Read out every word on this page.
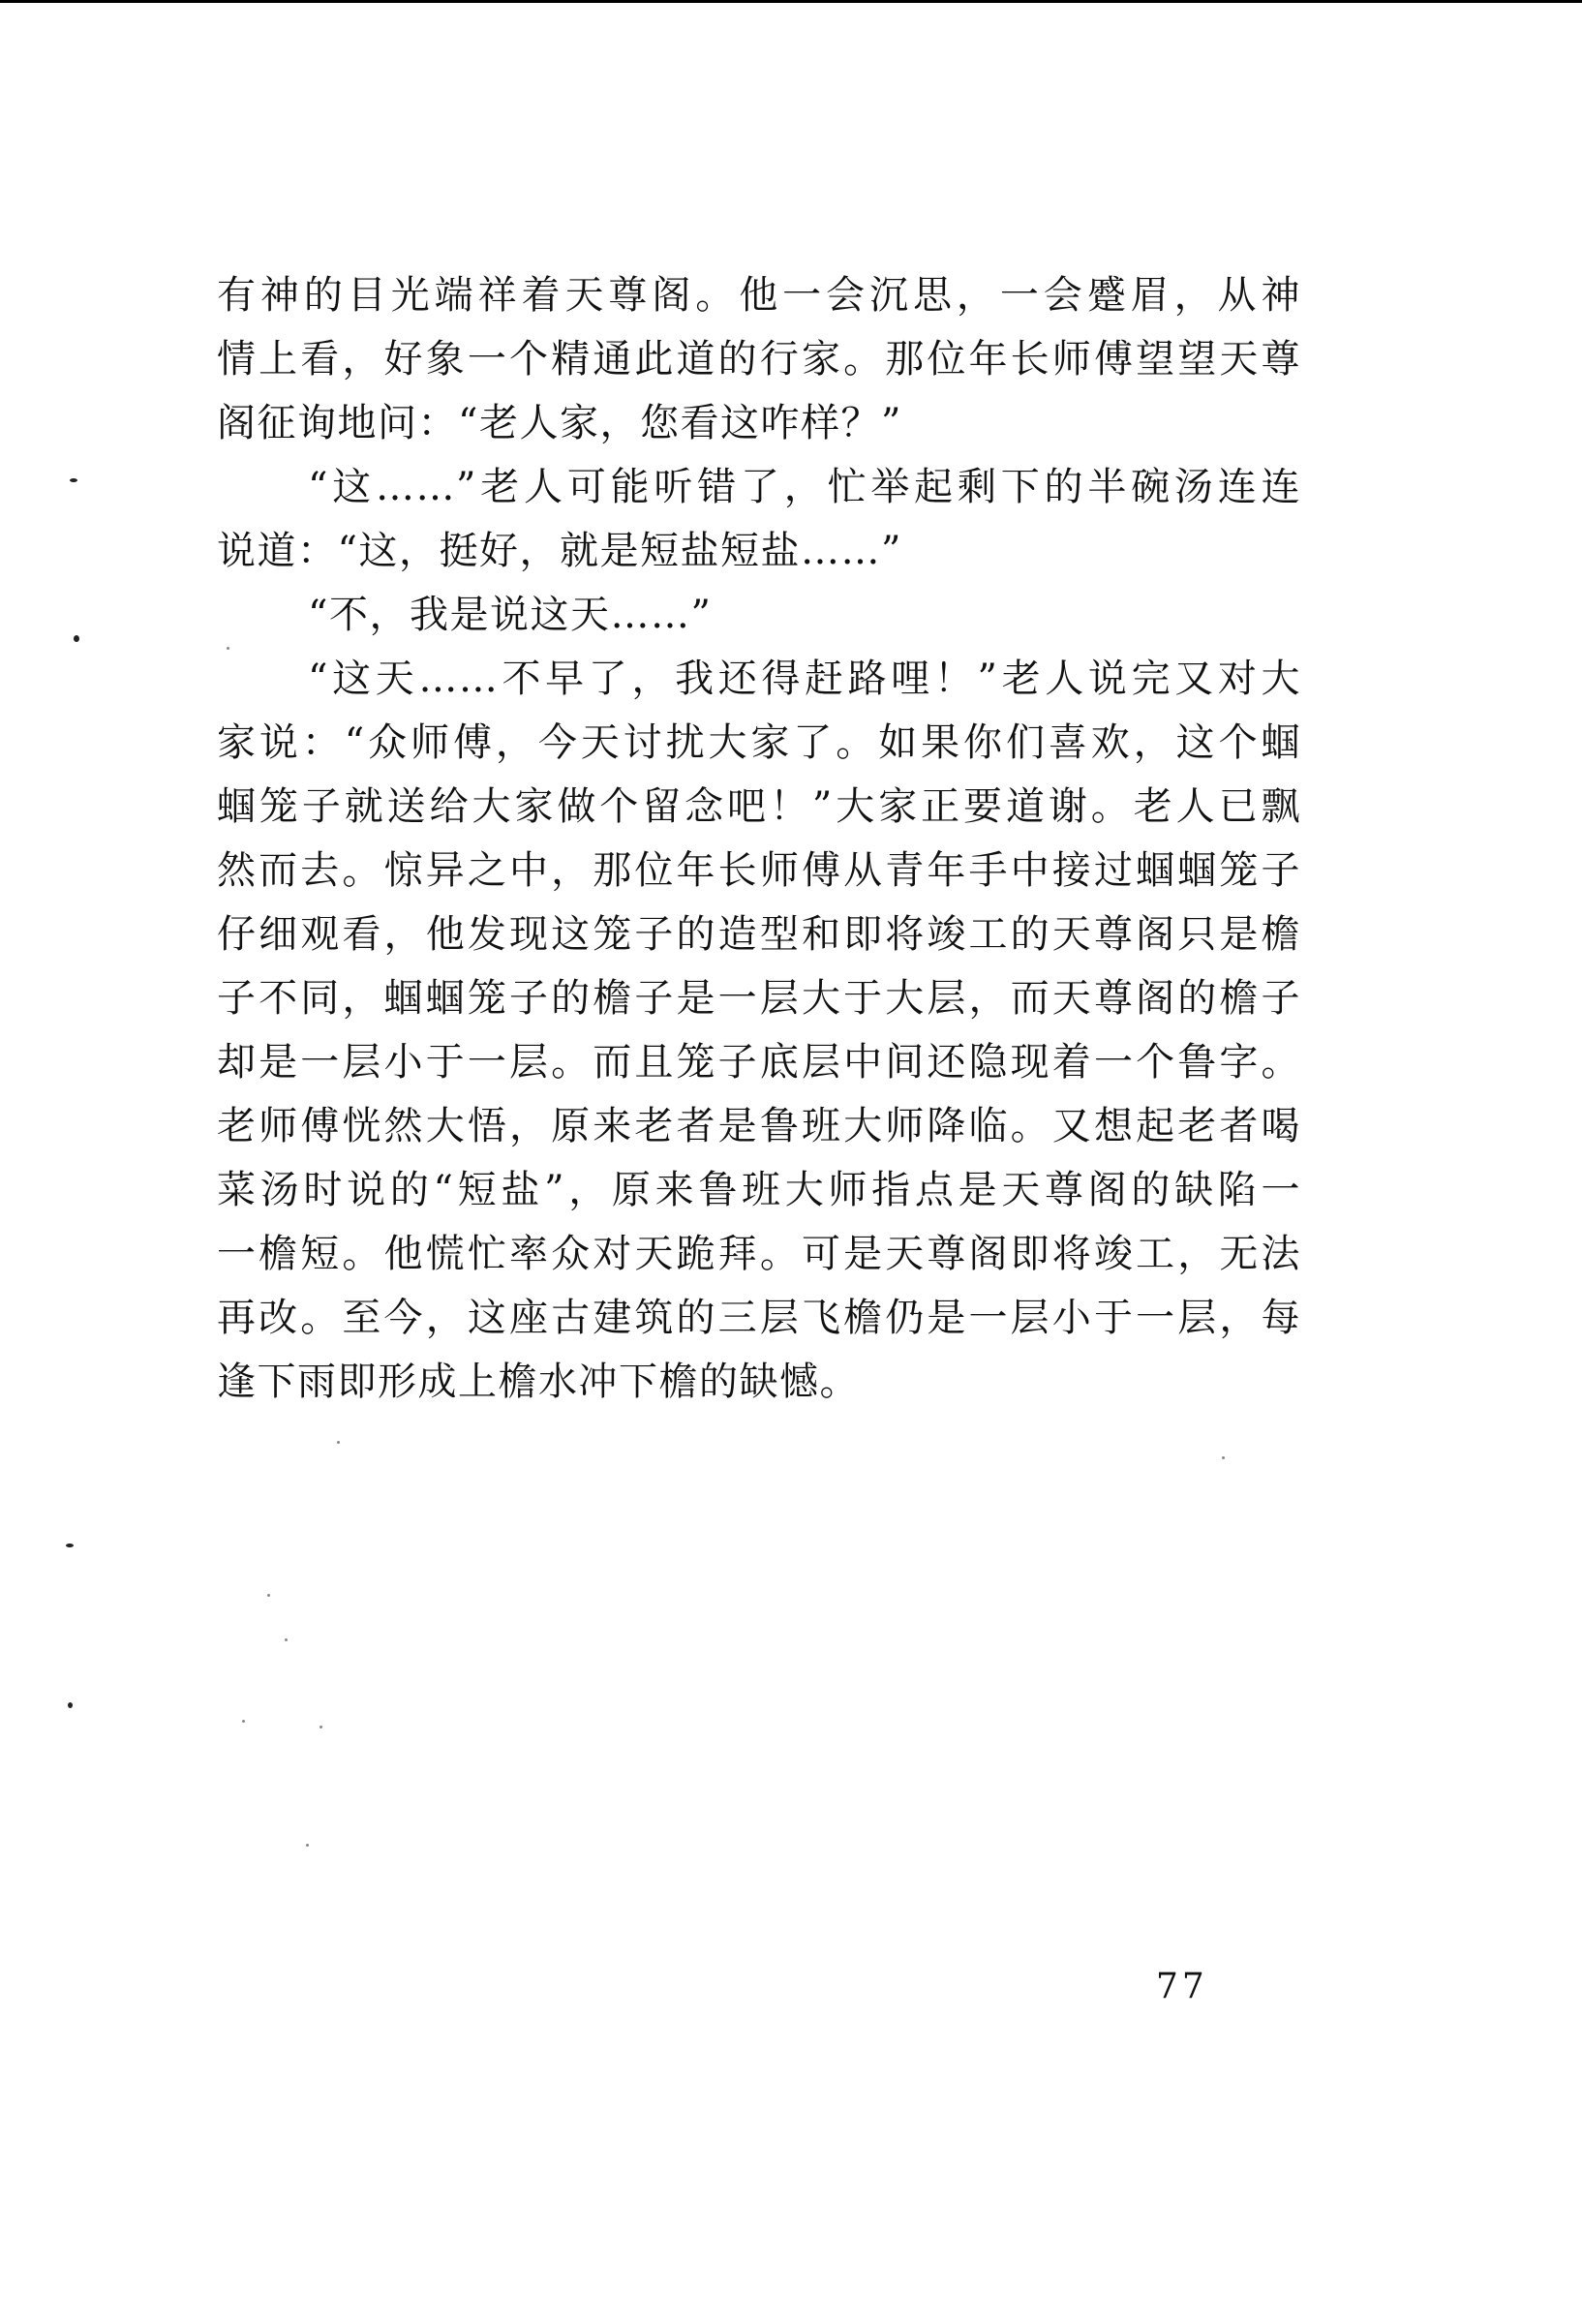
有神的目光端祥着天尊阁。他一会沉思，一会蹙眉，从神
情上看，好象一个精通此道的行家。那位年长师傅望望天尊
阁征询地问：“老人家，您看这咋样？”
“这……”老人可能听错了，忙举起剩下的半碗汤连连
说道：“这，挺好，就是短盐短盐……”
“不，我是说这天……”
“这天……不早了，我还得赶路哩！”老人说完又对大
家说：“众师傅，今天讨扰大家了。如果你们喜欢，这个蝈
蝈笼子就送给大家做个留念吧！”大家正要道谢。老人已飘
然而去。惊异之中，那位年长师傅从青年手中接过蝈蝈笼子
仔细观看，他发现这笼子的造型和即将竣工的天尊阁只是檐
子不同，蝈蝈笼子的檐子是一层大于大层，而天尊阁的檐子
却是一层小于一层。而且笼子底层中间还隐现着一个鲁字。
老师傅恍然大悟，原来老者是鲁班大师降临。又想起老者喝
菜汤时说的“短盐”，原来鲁班大师指点是天尊阁的缺陷一
一檐短。他慌忙率众对天跪拜。可是天尊阁即将竣工，无法
再改。至今，这座古建筑的三层飞檐仍是一层小于一层，每
逢下雨即形成上檐水冲下檐的缺憾。
77
